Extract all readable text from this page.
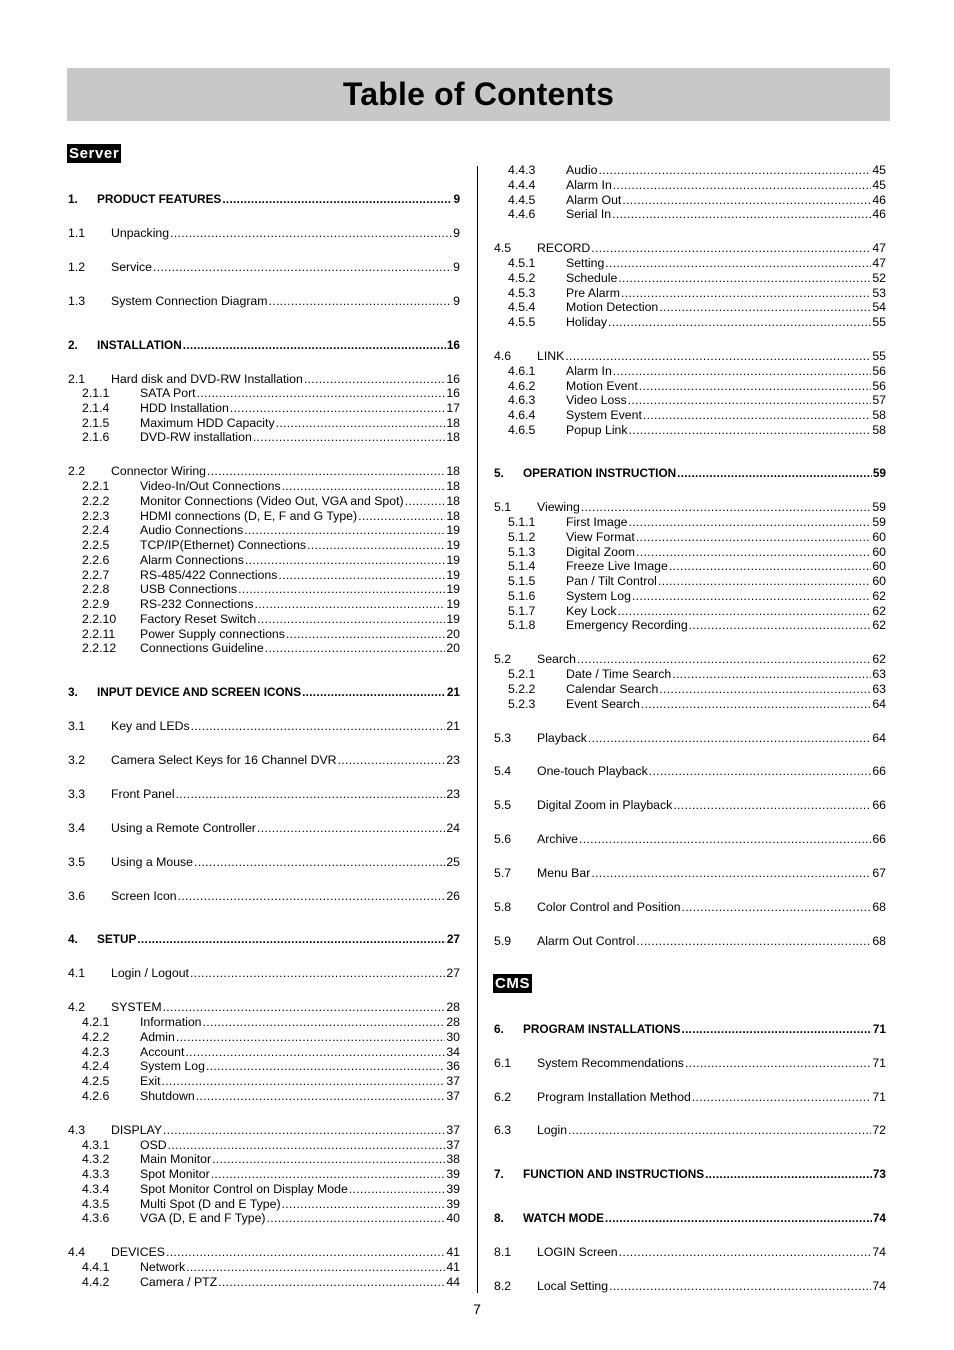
Table of Contents
Server
CMS
1.	PRODUCT FEATURES .....	9
1.1	Unpacking .....	9
1.2	Service .....	9
1.3	System Connection Diagram .....	9
2.	INSTALLATION .....	16
2.1	Hard disk and DVD-RW Installation .....	16
2.1.1	SATA Port .....	16
2.1.4	HDD Installation .....	17
2.1.5	Maximum HDD Capacity .....	18
2.1.6	DVD-RW installation .....	18
2.2	Connector Wiring .....	18
2.2.1	Video-In/Out Connections .....	18
2.2.2	Monitor Connections (Video Out, VGA and Spot) .....	18
2.2.3	HDMI connections (D, E, F and G Type) .....	18
2.2.4	Audio Connections .....	19
2.2.5	TCP/IP(Ethernet) Connections .....	19
2.2.6	Alarm Connections .....	19
2.2.7	RS-485/422 Connections .....	19
2.2.8	USB Connections .....	19
2.2.9	RS-232 Connections .....	19
2.2.10	Factory Reset Switch .....	19
2.2.11	Power Supply connections .....	20
2.2.12	Connections Guideline .....	20
3.	INPUT DEVICE AND SCREEN ICONS .....	21
3.1	Key and LEDs .....	21
3.2	Camera Select Keys for 16 Channel DVR .....	23
3.3	Front Panel .....	23
3.4	Using a Remote Controller .....	24
3.5	Using a Mouse .....	25
3.6	Screen Icon .....	26
4.	SETUP .....	27
4.1	Login / Logout .....	27
4.2	SYSTEM .....	28
4.2.1	Information .....	28
4.2.2	Admin .....	30
4.2.3	Account .....	34
4.2.4	System Log .....	36
4.2.5	Exit .....	37
4.2.6	Shutdown .....	37
4.3	DISPLAY .....	37
4.3.1	OSD .....	37
4.3.2	Main Monitor .....	38
4.3.3	Spot Monitor .....	39
4.3.4	Spot Monitor Control on Display Mode .....	39
4.3.5	Multi Spot (D and E Type) .....	39
4.3.6	VGA (D, E and F Type) .....	40
4.4	DEVICES .....	41
4.4.1	Network .....	41
4.4.2	Camera / PTZ .....	44
4.4.3	Audio .....	45
4.4.4	Alarm In .....	45
4.4.5	Alarm Out .....	46
4.4.6	Serial In .....	46
4.5	RECORD .....	47
4.5.1	Setting .....	47
4.5.2	Schedule .....	52
4.5.3	Pre Alarm .....	53
4.5.4	Motion Detection .....	54
4.5.5	Holiday .....	55
4.6	LINK .....	55
4.6.1	Alarm In .....	56
4.6.2	Motion Event .....	56
4.6.3	Video Loss .....	57
4.6.4	System Event .....	58
4.6.5	Popup Link .....	58
5.	OPERATION INSTRUCTION .....	59
5.1	Viewing .....	59
5.1.1	First Image .....	59
5.1.2	View Format .....	60
5.1.3	Digital Zoom .....	60
5.1.4	Freeze Live Image .....	60
5.1.5	Pan / Tilt Control .....	60
5.1.6	System Log .....	62
5.1.7	Key Lock .....	62
5.1.8	Emergency Recording .....	62
5.2	Search .....	62
5.2.1	Date / Time Search .....	63
5.2.2	Calendar Search .....	63
5.2.3	Event Search .....	64
5.3	Playback .....	64
5.4	One-touch Playback .....	66
5.5	Digital Zoom in Playback .....	66
5.6	Archive .....	66
5.7	Menu Bar .....	67
5.8	Color Control and Position .....	68
5.9	Alarm Out Control .....	68
6.	PROGRAM INSTALLATIONS .....	71
6.1	System Recommendations .....	71
6.2	Program Installation Method .....	71
6.3	Login .....	72
7.	FUNCTION AND INSTRUCTIONS .....	73
8.	WATCH MODE .....	74
8.1	LOGIN Screen .....	74
8.2	Local Setting .....	74
7
